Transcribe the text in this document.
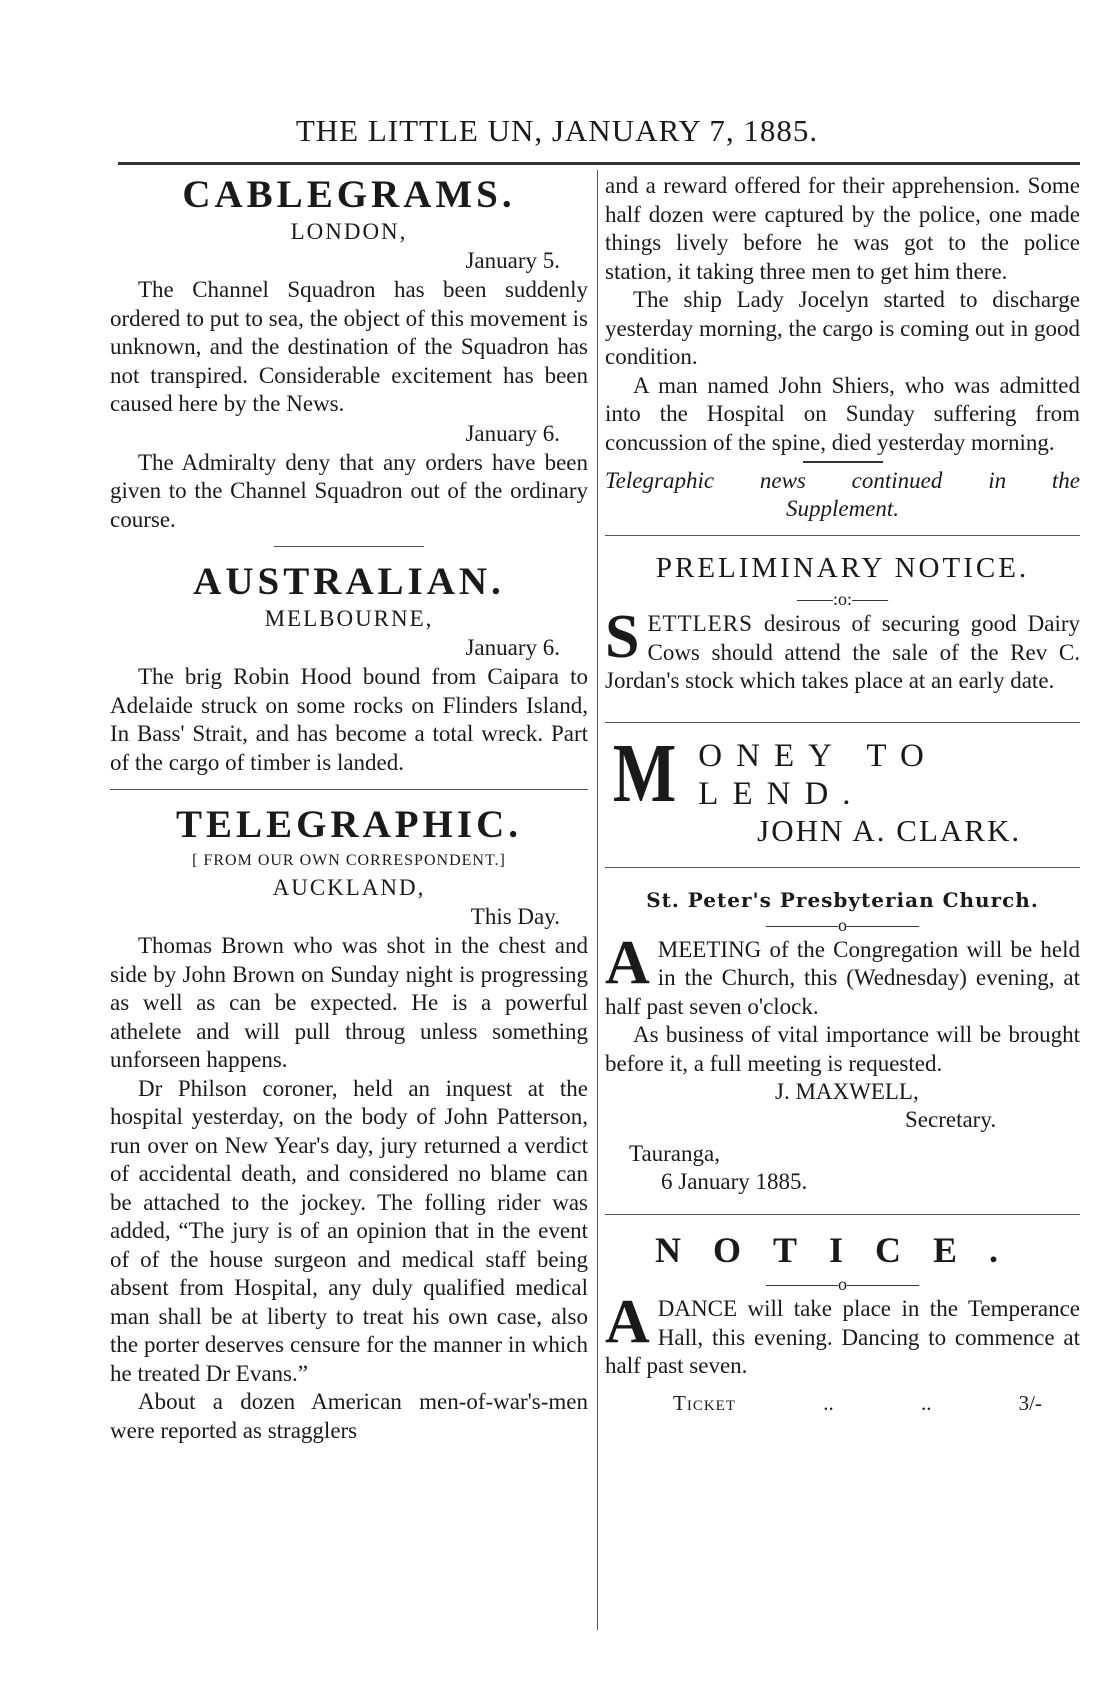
THE LITTLE UN, JANUARY 7, 1885.
CABLEGRAMS.
LONDON,
January 5.

The Channel Squadron has been suddenly ordered to put to sea, the object of this movement is unknown, and the destination of the Squadron has not transpired. Considerable excitement has been caused here by the News.

January 6.

The Admiralty deny that any orders have been given to the Channel Squadron out of the ordinary course.

AUSTRALIAN.
MELBOURNE,
January 6.

The brig Robin Hood bound from Caipara to Adelaide struck on some rocks on Flinders Island, In Bass' Strait, and has become a total wreck. Part of the cargo of timber is landed.

TELEGRAPHIC.
[ FROM OUR OWN CORRESPONDENT.]
AUCKLAND,
This Day.

Thomas Brown who was shot in the chest and side by John Brown on Sunday night is progressing as well as can be expected. He is a powerful athelete and will pull throug unless something unforseen happens.

Dr Philson coroner, held an inquest at the hospital yesterday, on the body of John Patterson, run over on New Year's day, jury returned a verdict of accidental death, and considered no blame can be attached to the jockey. The folling rider was added, “The jury is of an opinion that in the event of of the house surgeon and medical staff being absent from Hospital, any duly qualified medical man shall be at liberty to treat his own case, also the porter deserves censure for the manner in which he treated Dr Evans.”

About a dozen American men-of-war's-men were reported as stragglers

and a reward offered for their apprehension. Some half dozen were captured by the police, one made things lively before he was got to the police station, it taking three men to get him there.

The ship Lady Jocelyn started to discharge yesterday morning, the cargo is coming out in good condition.

A man named John Shiers, who was admitted into the Hospital on Sunday suffering from concussion of the spine, died yesterday morning.

Telegraphic news continued in the
Supplement.
PRELIMINARY NOTICE.
——:o:——

SETTLERS desirous of securing good Dairy Cows should attend the sale of the Rev C. Jordan's stock which takes place at an early date.

M ONEY TO LEND.
JOHN A. CLARK.
St. Peter's Presbyterian Church.
————o————

AMEETING of the Congregation will be held in the Church, this (Wednesday) evening, at half past seven o'clock.

As business of vital importance will be brought before it, a full meeting is requested.

J. MAXWELL,
Secretary.
Tauranga,
6 January 1885.
NOTICE.
————o————

ADANCE will take place in the Temperance Hall, this evening. Dancing to commence at half past seven.

Ticket	..	..	3/-
